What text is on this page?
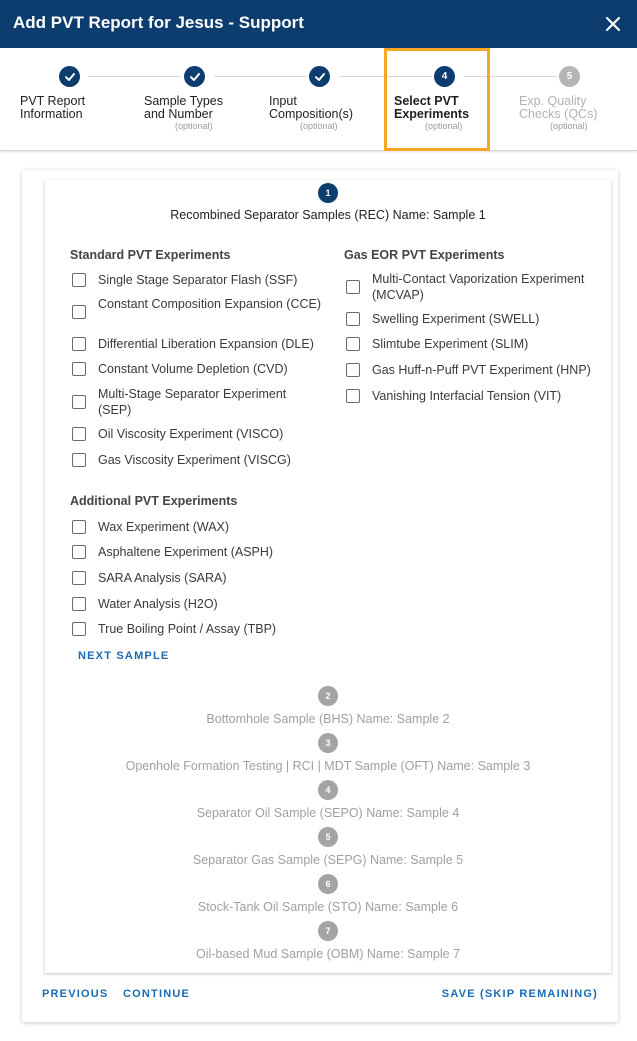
Add PVT Report for Jesus - Support
PVT Report
Information
Sample Types
and Number
(optional)
Input
Composition(s)
(optional)
4
Select PVT
Experiments
(optional)
5
Exp. Quality
Checks (QCs)
(optional)
1
Recombined Separator Samples (REC) Name: Sample 1
Standard PVT Experiments
Single Stage Separator Flash (SSF)
Constant Composition Expansion (CCE)
Differential Liberation Expansion (DLE)
Constant Volume Depletion (CVD)
Multi-Stage Separator Experiment (SEP)
Oil Viscosity Experiment (VISCO)
Gas Viscosity Experiment (VISCG)
Gas EOR PVT Experiments
Multi-Contact Vaporization Experiment (MCVAP)
Swelling Experiment (SWELL)
Slimtube Experiment (SLIM)
Gas Huff-n-Puff PVT Experiment (HNP)
Vanishing Interfacial Tension (VIT)
Additional PVT Experiments
Wax Experiment (WAX)
Asphaltene Experiment (ASPH)
SARA Analysis (SARA)
Water Analysis (H2O)
True Boiling Point / Assay (TBP)
NEXT SAMPLE
2
Bottomhole Sample (BHS) Name: Sample 2
3
Openhole Formation Testing | RCI | MDT Sample (OFT) Name: Sample 3
4
Separator Oil Sample (SEPO) Name: Sample 4
5
Separator Gas Sample (SEPG) Name: Sample 5
6
Stock-Tank Oil Sample (STO) Name: Sample 6
7
Oil-based Mud Sample (OBM) Name: Sample 7
PREVIOUS CONTINUE	SAVE (SKIP REMAINING)
